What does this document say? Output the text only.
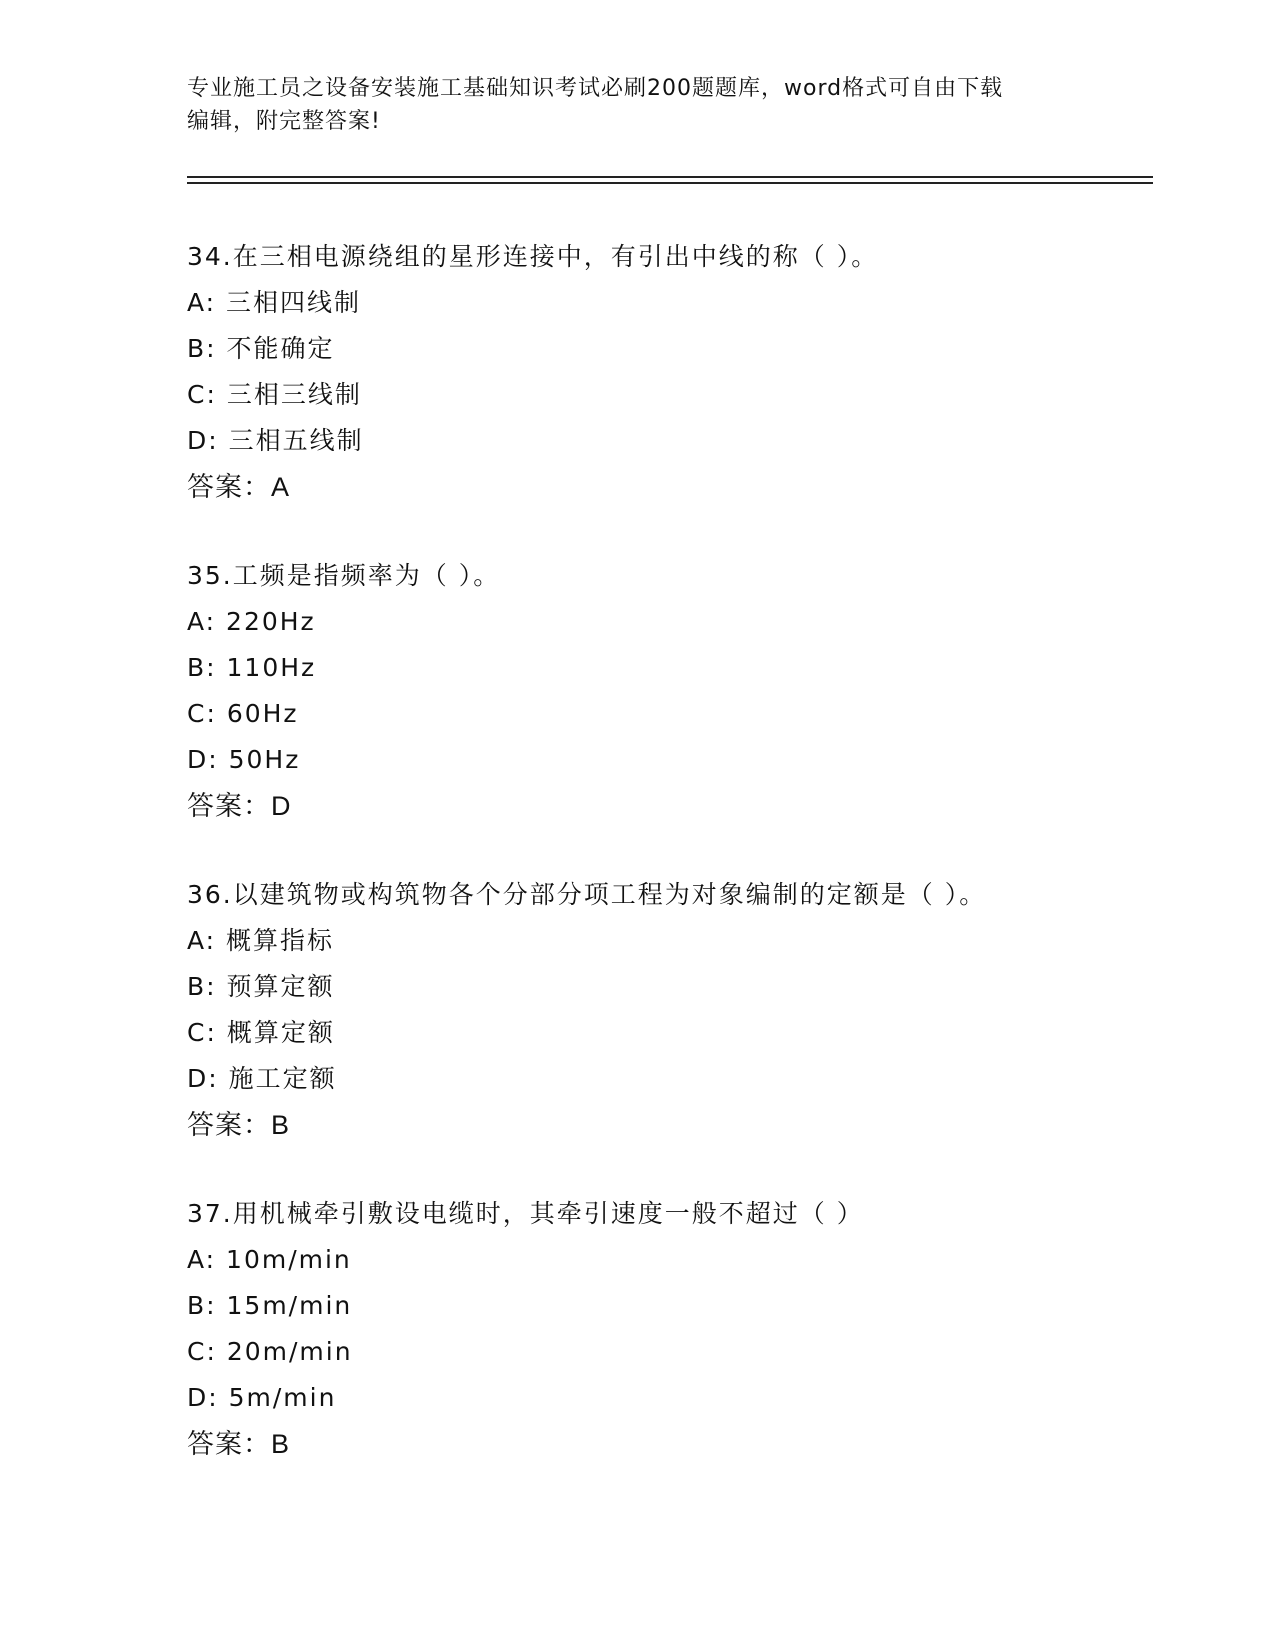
专业施工员之设备安装施工基础知识考试必刷200题题库，word格式可自由下载
编辑，附完整答案!
34.在三相电源绕组的星形连接中，有引出中线的称（ ）。
A: 三相四线制
B: 不能确定
C: 三相三线制
D: 三相五线制
答案：A
35.工频是指频率为（ ）。
A: 220Hz
B: 110Hz
C: 60Hz
D: 50Hz
答案：D
36.以建筑物或构筑物各个分部分项工程为对象编制的定额是（ ）。
A: 概算指标
B: 预算定额
C: 概算定额
D: 施工定额
答案：B
37.用机械牵引敷设电缆时，其牵引速度一般不超过（ ）
A: 10m/min
B: 15m/min
C: 20m/min
D: 5m/min
答案：B
